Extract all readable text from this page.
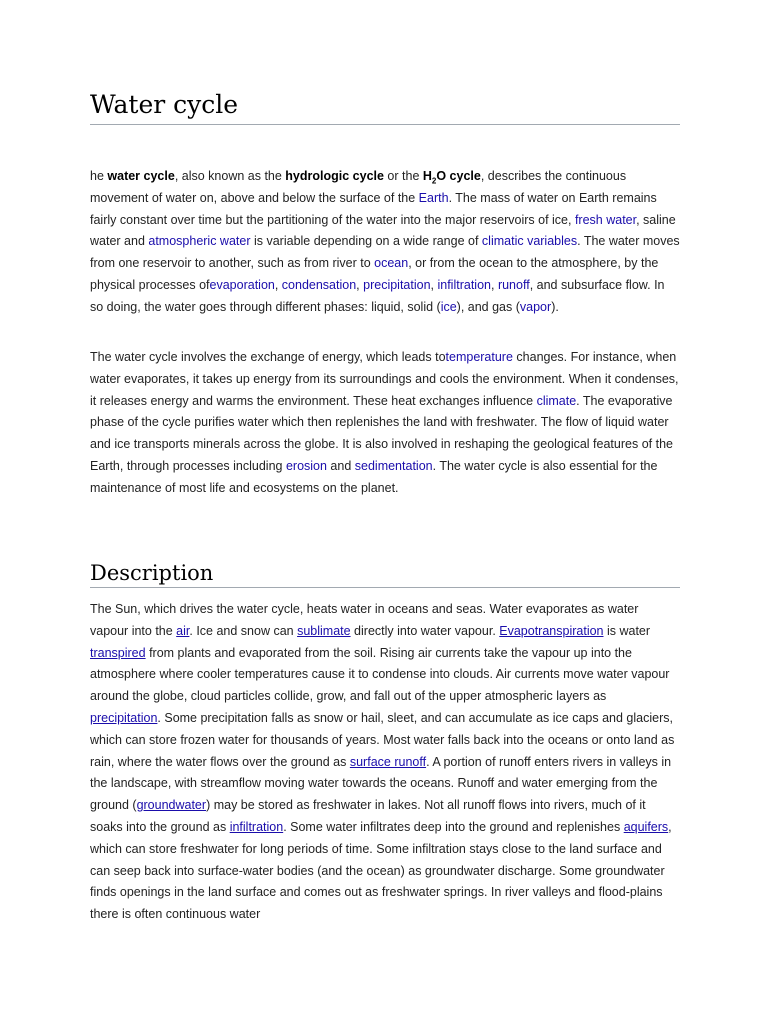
Water cycle

he water cycle, also known as the hydrologic cycle or the $H_2O$ cycle, describes the continuous movement of water on, above and below the surface of the Earth. The mass of water on Earth remains fairly constant over time but the partitioning of the water into the major reservoirs of ice, fresh water, saline water and atmospheric water is variable depending on a wide range of climatic variables. The water moves from one reservoir to another, such as from river to ocean, or from the ocean to the atmosphere, by the physical processes ofevaporation, condensation, precipitation, infiltration, runoff, and subsurface flow. In so doing, the water goes through different phases: liquid, solid (ice), and gas (vapor).

The water cycle involves the exchange of energy, which leads totemperature changes. For instance, when water evaporates, it takes up energy from its surroundings and cools the environment. When it condenses, it releases energy and warms the environment. These heat exchanges influence climate. The evaporative phase of the cycle purifies water which then replenishes the land with freshwater. The flow of liquid water and ice transports minerals across the globe. It is also involved in reshaping the geological features of the Earth, through processes including erosion and sedimentation. The water cycle is also essential for the maintenance of most life and ecosystems on the planet.

Description

The Sun, which drives the water cycle, heats water in oceans and seas. Water evaporates as water vapour into the air. Ice and snow can sublimate directly into water vapour. Evapotranspiration is water transpired from plants and evaporated from the soil. Rising air currents take the vapour up into the atmosphere where cooler temperatures cause it to condense into clouds. Air currents move water vapour around the globe, cloud particles collide, grow, and fall out of the upper atmospheric layers as precipitation. Some precipitation falls as snow or hail, sleet, and can accumulate as ice caps and glaciers, which can store frozen water for thousands of years. Most water falls back into the oceans or onto land as rain, where the water flows over the ground as surface runoff. A portion of runoff enters rivers in valleys in the landscape, with streamflow moving water towards the oceans. Runoff and water emerging from the ground (groundwater) may be stored as freshwater in lakes. Not all runoff flows into rivers, much of it soaks into the ground as infiltration. Some water infiltrates deep into the ground and replenishes aquifers, which can store freshwater for long periods of time. Some infiltration stays close to the land surface and can seep back into surface-water bodies (and the ocean) as groundwater discharge. Some groundwater finds openings in the land surface and comes out as freshwater springs. In river valleys and flood-plains there is often continuous water
